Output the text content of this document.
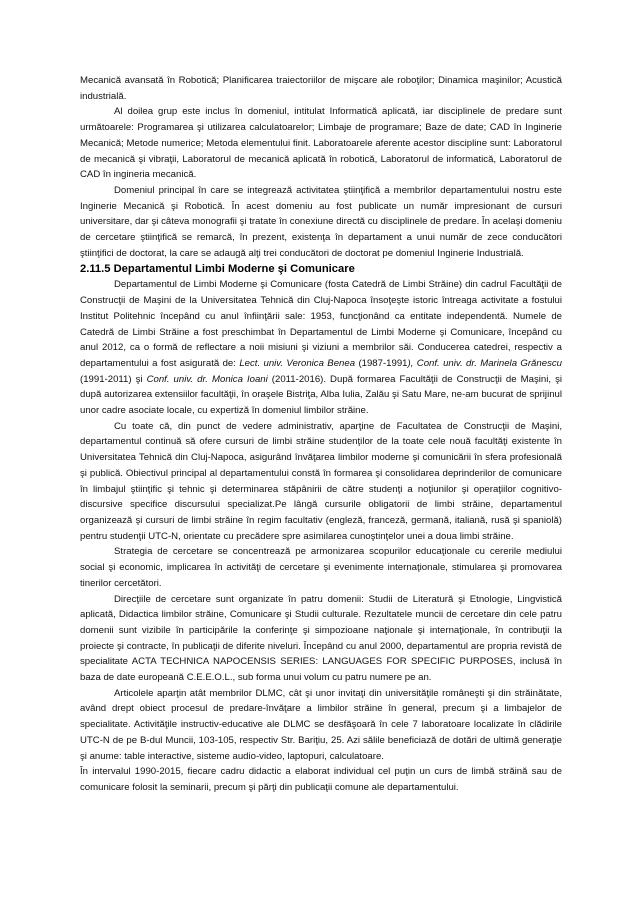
Mecanică avansată în Robotică; Planificarea traiectoriilor de mişcare ale roboţilor; Dinamica maşinilor; Acustică industrială.

Al doilea grup este inclus în domeniul, intitulat Informatică aplicată, iar disciplinele de predare sunt următoarele: Programarea şi utilizarea calculatoarelor; Limbaje de programare; Baze de date; CAD în Inginerie Mecanică; Metode numerice; Metoda elementului finit. Laboratoarele aferente acestor discipline sunt: Laboratorul de mecanică şi vibraţii, Laboratorul de mecanică aplicată în robotică, Laboratorul de informatică, Laboratorul de CAD în ingineria mecanică.

Domeniul principal în care se integrează activitatea ştiinţifică a membrilor departamentului nostru este Inginerie Mecanică şi Robotică. În acest domeniu au fost publicate un număr impresionant de cursuri universitare, dar şi câteva monografii şi tratate în conexiune directă cu disciplinele de predare. În acelaşi domeniu de cercetare ştiinţifică se remarcă, în prezent, existenţa în departament a unui număr de zece conducători ştiinţifici de doctorat, la care se adaugă alţi trei conducători de doctorat pe domeniul Inginerie Industrială.

2.11.5 Departamentul Limbi Moderne şi Comunicare

Departamentul de Limbi Moderne şi Comunicare (fosta Catedră de Limbi Străine) din cadrul Facultăţii de Construcţii de Maşini de la Universitatea Tehnică din Cluj-Napoca însoţeşte istoric întreaga activitate a fostului Institut Politehnic începând cu anul înfiinţării sale: 1953, funcţionând ca entitate independentă. Numele de Catedră de Limbi Străine a fost preschimbat în Departamentul de Limbi Moderne şi Comunicare, începând cu anul 2012, ca o formă de reflectare a noii misiuni şi viziuni a membrilor săi. Conducerea catedrei, respectiv a departamentului a fost asigurată de: Lect. univ. Veronica Benea (1987-1991), Conf. univ. dr. Marinela Grănescu (1991-2011) şi Conf. univ. dr. Monica Ioani (2011-2016). După formarea Facultăţii de Construcţii de Maşini, şi după autorizarea extensiilor facultăţii, în oraşele Bistriţa, Alba Iulia, Zalău şi Satu Mare, ne-am bucurat de sprijinul unor cadre asociate locale, cu expertiză în domeniul limbilor străine.

Cu toate că, din punct de vedere administrativ, aparţine de Facultatea de Construcţii de Maşini, departamentul continuă să ofere cursuri de limbi străine studenţilor de la toate cele nouă facultăţi existente în Universitatea Tehnică din Cluj-Napoca, asigurând învăţarea limbilor moderne şi comunicării în sfera profesională şi publică. Obiectivul principal al departamentului constă în formarea şi consolidarea deprinderilor de comunicare în limbajul ştiinţific şi tehnic şi determinarea stăpânirii de către studenţi a noţiunilor şi operaţiilor cognitivo-discursive specifice discursului specializat.Pe lângă cursurile obligatorii de limbi străine, departamentul organizează şi cursuri de limbi străine în regim facultativ (engleză, franceză, germană, italiană, rusă şi spaniolă) pentru studenţii UTC-N, orientate cu precădere spre asimilarea cunoştinţelor unei a doua limbi străine.

Strategia de cercetare se concentrează pe armonizarea scopurilor educaţionale cu cererile mediului social şi economic, implicarea în activităţi de cercetare şi evenimente internaţionale, stimularea şi promovarea tinerilor cercetători.

Direcţiile de cercetare sunt organizate în patru domenii: Studii de Literatură şi Etnologie, Lingvistică aplicată, Didactica limbilor străine, Comunicare şi Studii culturale. Rezultatele muncii de cercetare din cele patru domenii sunt vizibile în participările la conferinţe şi simpozioane naţionale şi internaţionale, în contribuţii la proiecte şi contracte, în publicaţii de diferite niveluri. Începând cu anul 2000, departamentul are propria revistă de specialitate ACTA TECHNICA NAPOCENSIS SERIES: LANGUAGES FOR SPECIFIC PURPOSES, inclusă în baza de date europeană C.E.E.O.L., sub forma unui volum cu patru numere pe an.

Articolele aparţin atât membrilor DLMC, cât şi unor invitaţi din universităţile româneşti şi din străinătate, având drept obiect procesul de predare-învăţare a limbilor străine în general, precum şi a limbajelor de specialitate. Activităţile instructiv-educative ale DLMC se desfăşoară în cele 7 laboratoare localizate în clădirile UTC-N de pe B-dul Muncii, 103-105, respectiv Str. Bariţiu, 25. Azi sălile beneficiază de dotări de ultimă generaţie şi anume: table interactive, sisteme audio-video, laptopuri, calculatoare.

În intervalul 1990-2015, fiecare cadru didactic a elaborat individual cel puţin un curs de limbă străină sau de comunicare folosit la seminarii, precum şi părţi din publicaţii comune ale departamentului.
